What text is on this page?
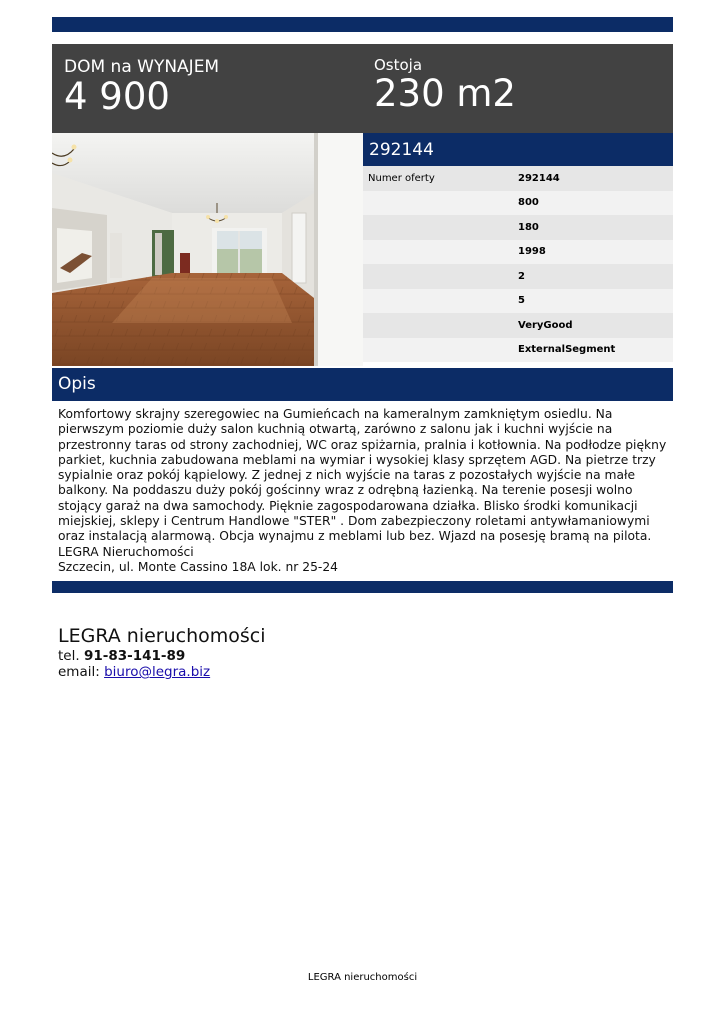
DOM na WYNAJEM
4 900
Ostoja
230 m2
292144
Numer oferty	292144
800
180
1998
2
5
VeryGood
ExternalSegment
Opis

Komfortowy skrajny szeregowiec na Gumieńcach na kameralnym zamkniętym osiedlu. Na pierwszym poziomie duży salon kuchnią otwartą, zarówno z salonu jak i kuchni wyjście na przestronny taras od strony zachodniej, WC oraz spiżarnia, pralnia i kotłownia. Na podłodze piękny parkiet, kuchnia zabudowana meblami na wymiar i wysokiej klasy sprzętem AGD. Na pietrze trzy sypialnie oraz pokój kąpielowy. Z jednej z nich wyjście na taras z pozostałych wyjście na małe balkony. Na poddaszu duży pokój gościnny wraz z odrębną łazienką. Na terenie posesji wolno stojący garaż na dwa samochody. Pięknie zagospodarowana działka. Blisko środki komunikacji miejskiej, sklepy i Centrum Handlowe "STER" . Dom zabezpieczony roletami antywłamaniowymi oraz instalacją alarmową. Obcja wynajmu z meblami lub bez. Wjazd na posesję bramą na pilota.

LEGRA Nieruchomości

Szczecin, ul. Monte Cassino 18A lok. nr 25-24

LEGRA nieruchomości
tel. 91-83-141-89
email: biuro@legra.biz
LEGRA nieruchomości
